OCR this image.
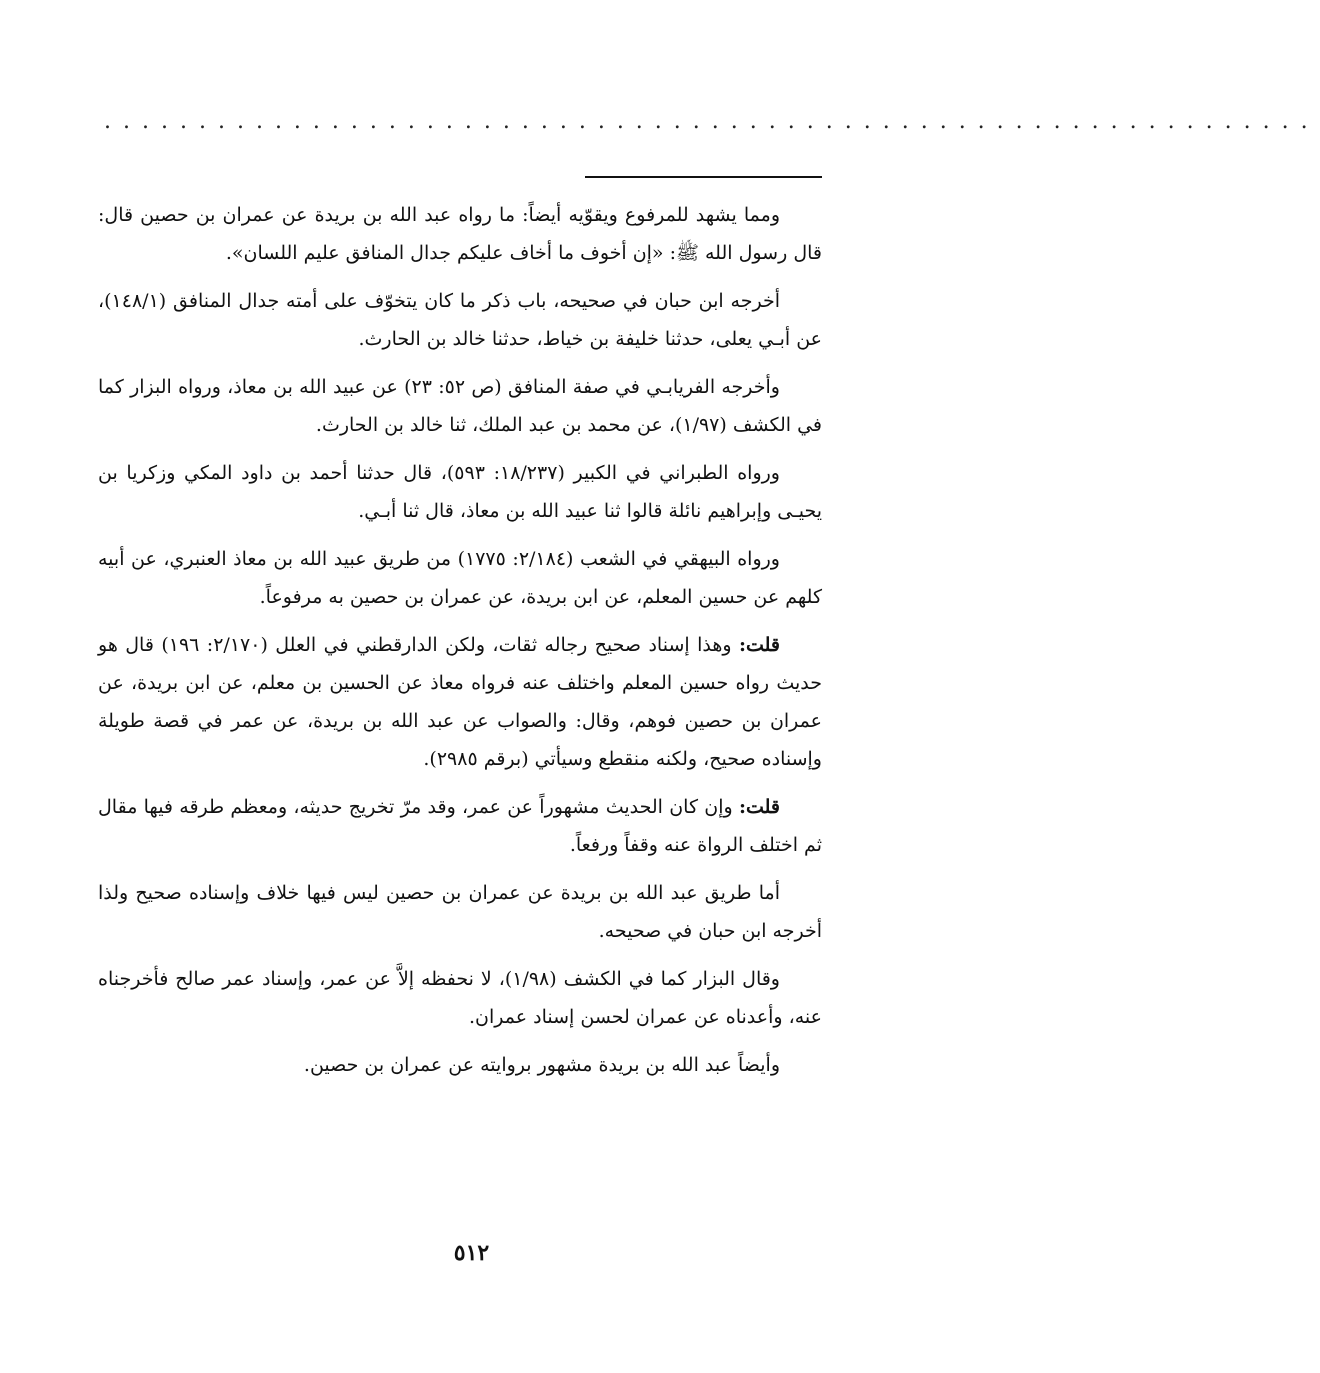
................................................................

ومما يشهد للمرفوع ويقوّيه أيضاً: ما رواه عبد الله بن بريدة عن عمران بن حصين قال: قال رسول الله ﷺ: «إن أخوف ما أخاف عليكم جدال المنافق عليم اللسان».

أخرجه ابن حبان في صحيحه، باب ذكر ما كان يتخوّف على أمته جدال المنافق (١٤٨/١)، عن أبـي يعلى، حدثنا خليفة بن خياط، حدثنا خالد بن الحارث.

وأخرجه الفريابـي في صفة المنافق (ص ٥٢: ٢٣) عن عبيد الله بن معاذ، ورواه البزار كما في الكشف (١/٩٧)، عن محمد بن عبد الملك، ثنا خالد بن الحارث.

ورواه الطبراني في الكبير (١٨/٢٣٧: ٥٩٣)، قال حدثنا أحمد بن داود المكي وزكريا بن يحيـى وإبراهيم نائلة قالوا ثنا عبيد الله بن معاذ، قال ثنا أبـي.

ورواه البيهقي في الشعب (٢/١٨٤: ١٧٧٥) من طريق عبيد الله بن معاذ العنبري، عن أبيه كلهم عن حسين المعلم، عن ابن بريدة، عن عمران بن حصين به مرفوعاً.

قلت: وهذا إسناد صحيح رجاله ثقات، ولكن الدارقطني في العلل (٢/١٧٠: ١٩٦) قال هو حديث رواه حسين المعلم واختلف عنه فرواه معاذ عن الحسين بن معلم، عن ابن بريدة، عن عمران بن حصين فوهم، وقال: والصواب عن عبد الله بن بريدة، عن عمر في قصة طويلة وإسناده صحيح، ولكنه منقطع وسيأتي (برقم ٢٩٨٥).

قلت: وإن كان الحديث مشهوراً عن عمر، وقد مرّ تخريج حديثه، ومعظم طرقه فيها مقال ثم اختلف الرواة عنه وقفاً ورفعاً.

أما طريق عبد الله بن بريدة عن عمران بن حصين ليس فيها خلاف وإسناده صحيح ولذا أخرجه ابن حبان في صحيحه.

وقال البزار كما في الكشف (١/٩٨)، لا نحفظه إلاَّ عن عمر، وإسناد عمر صالح فأخرجناه عنه، وأعدناه عن عمران لحسن إسناد عمران.

وأيضاً عبد الله بن بريدة مشهور بروايته عن عمران بن حصين.

٥١٢
